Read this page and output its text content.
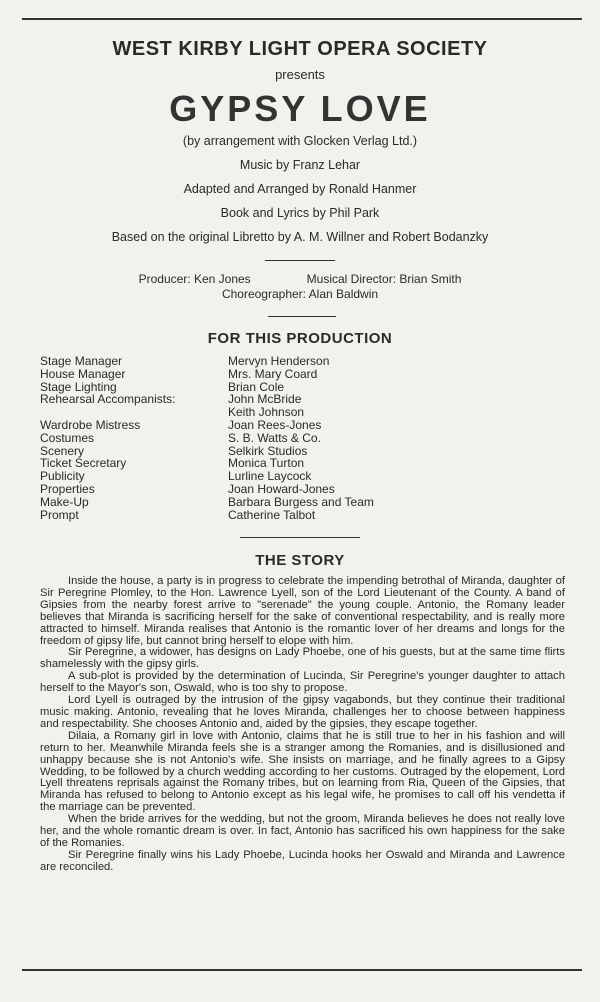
WEST KIRBY LIGHT OPERA SOCIETY
presents
GYPSY LOVE
(by arrangement with Glocken Verlag Ltd.)
Music by Franz Lehar
Adapted and Arranged by Ronald Hanmer
Book and Lyrics by Phil Park
Based on the original Libretto by A. M. Willner and Robert Bodanzky
Producer: Ken Jones	Musical Director: Brian Smith
Choreographer: Alan Baldwin
FOR THIS PRODUCTION
Stage Manager	Mervyn Henderson
House Manager	Mrs. Mary Coard
Stage Lighting	Brian Cole
Rehearsal Accompanists:	John McBride
Keith Johnson
Wardrobe Mistress	Joan Rees-Jones
Costumes	S. B. Watts & Co.
Scenery	Selkirk Studios
Ticket Secretary	Monica Turton
Publicity	Lurline Laycock
Properties	Joan Howard-Jones
Make-Up	Barbara Burgess and Team
Prompt	Catherine Talbot
THE STORY

Inside the house, a party is in progress to celebrate the impending betrothal of Miranda, daughter of Sir Peregrine Plomley, to the Hon. Lawrence Lyell, son of the Lord Lieutenant of the County. A band of Gipsies from the nearby forest arrive to "serenade" the young couple. Antonio, the Romany leader believes that Miranda is sacrificing herself for the sake of conventional respectability, and is really more attracted to himself. Miranda realises that Antonio is the romantic lover of her dreams and longs for the freedom of gipsy life, but cannot bring herself to elope with him.

Sir Peregrine, a widower, has designs on Lady Phoebe, one of his guests, but at the same time flirts shamelessly with the gipsy girls.

A sub-plot is provided by the determination of Lucinda, Sir Peregrine's younger daughter to attach herself to the Mayor's son, Oswald, who is too shy to propose.

Lord Lyell is outraged by the intrusion of the gipsy vagabonds, but they continue their traditional music making. Antonio, revealing that he loves Miranda, challenges her to choose between happiness and respectability. She chooses Antonio and, aided by the gipsies, they escape together.

Dilaia, a Romany girl in love with Antonio, claims that he is still true to her in his fashion and will return to her. Meanwhile Miranda feels she is a stranger among the Romanies, and is disillusioned and unhappy because she is not Antonio's wife. She insists on marriage, and he finally agrees to a Gipsy Wedding, to be followed by a church wedding according to her customs. Outraged by the elopement, Lord Lyell threatens reprisals against the Romany tribes, but on learning from Ria, Queen of the Gipsies, that Miranda has refused to belong to Antonio except as his legal wife, he promises to call off his vendetta if the marriage can be prevented.

When the bride arrives for the wedding, but not the groom, Miranda believes he does not really love her, and the whole romantic dream is over. In fact, Antonio has sacrificed his own happiness for the sake of the Romanies.

Sir Peregrine finally wins his Lady Phoebe, Lucinda hooks her Oswald and Miranda and Lawrence are reconciled.
